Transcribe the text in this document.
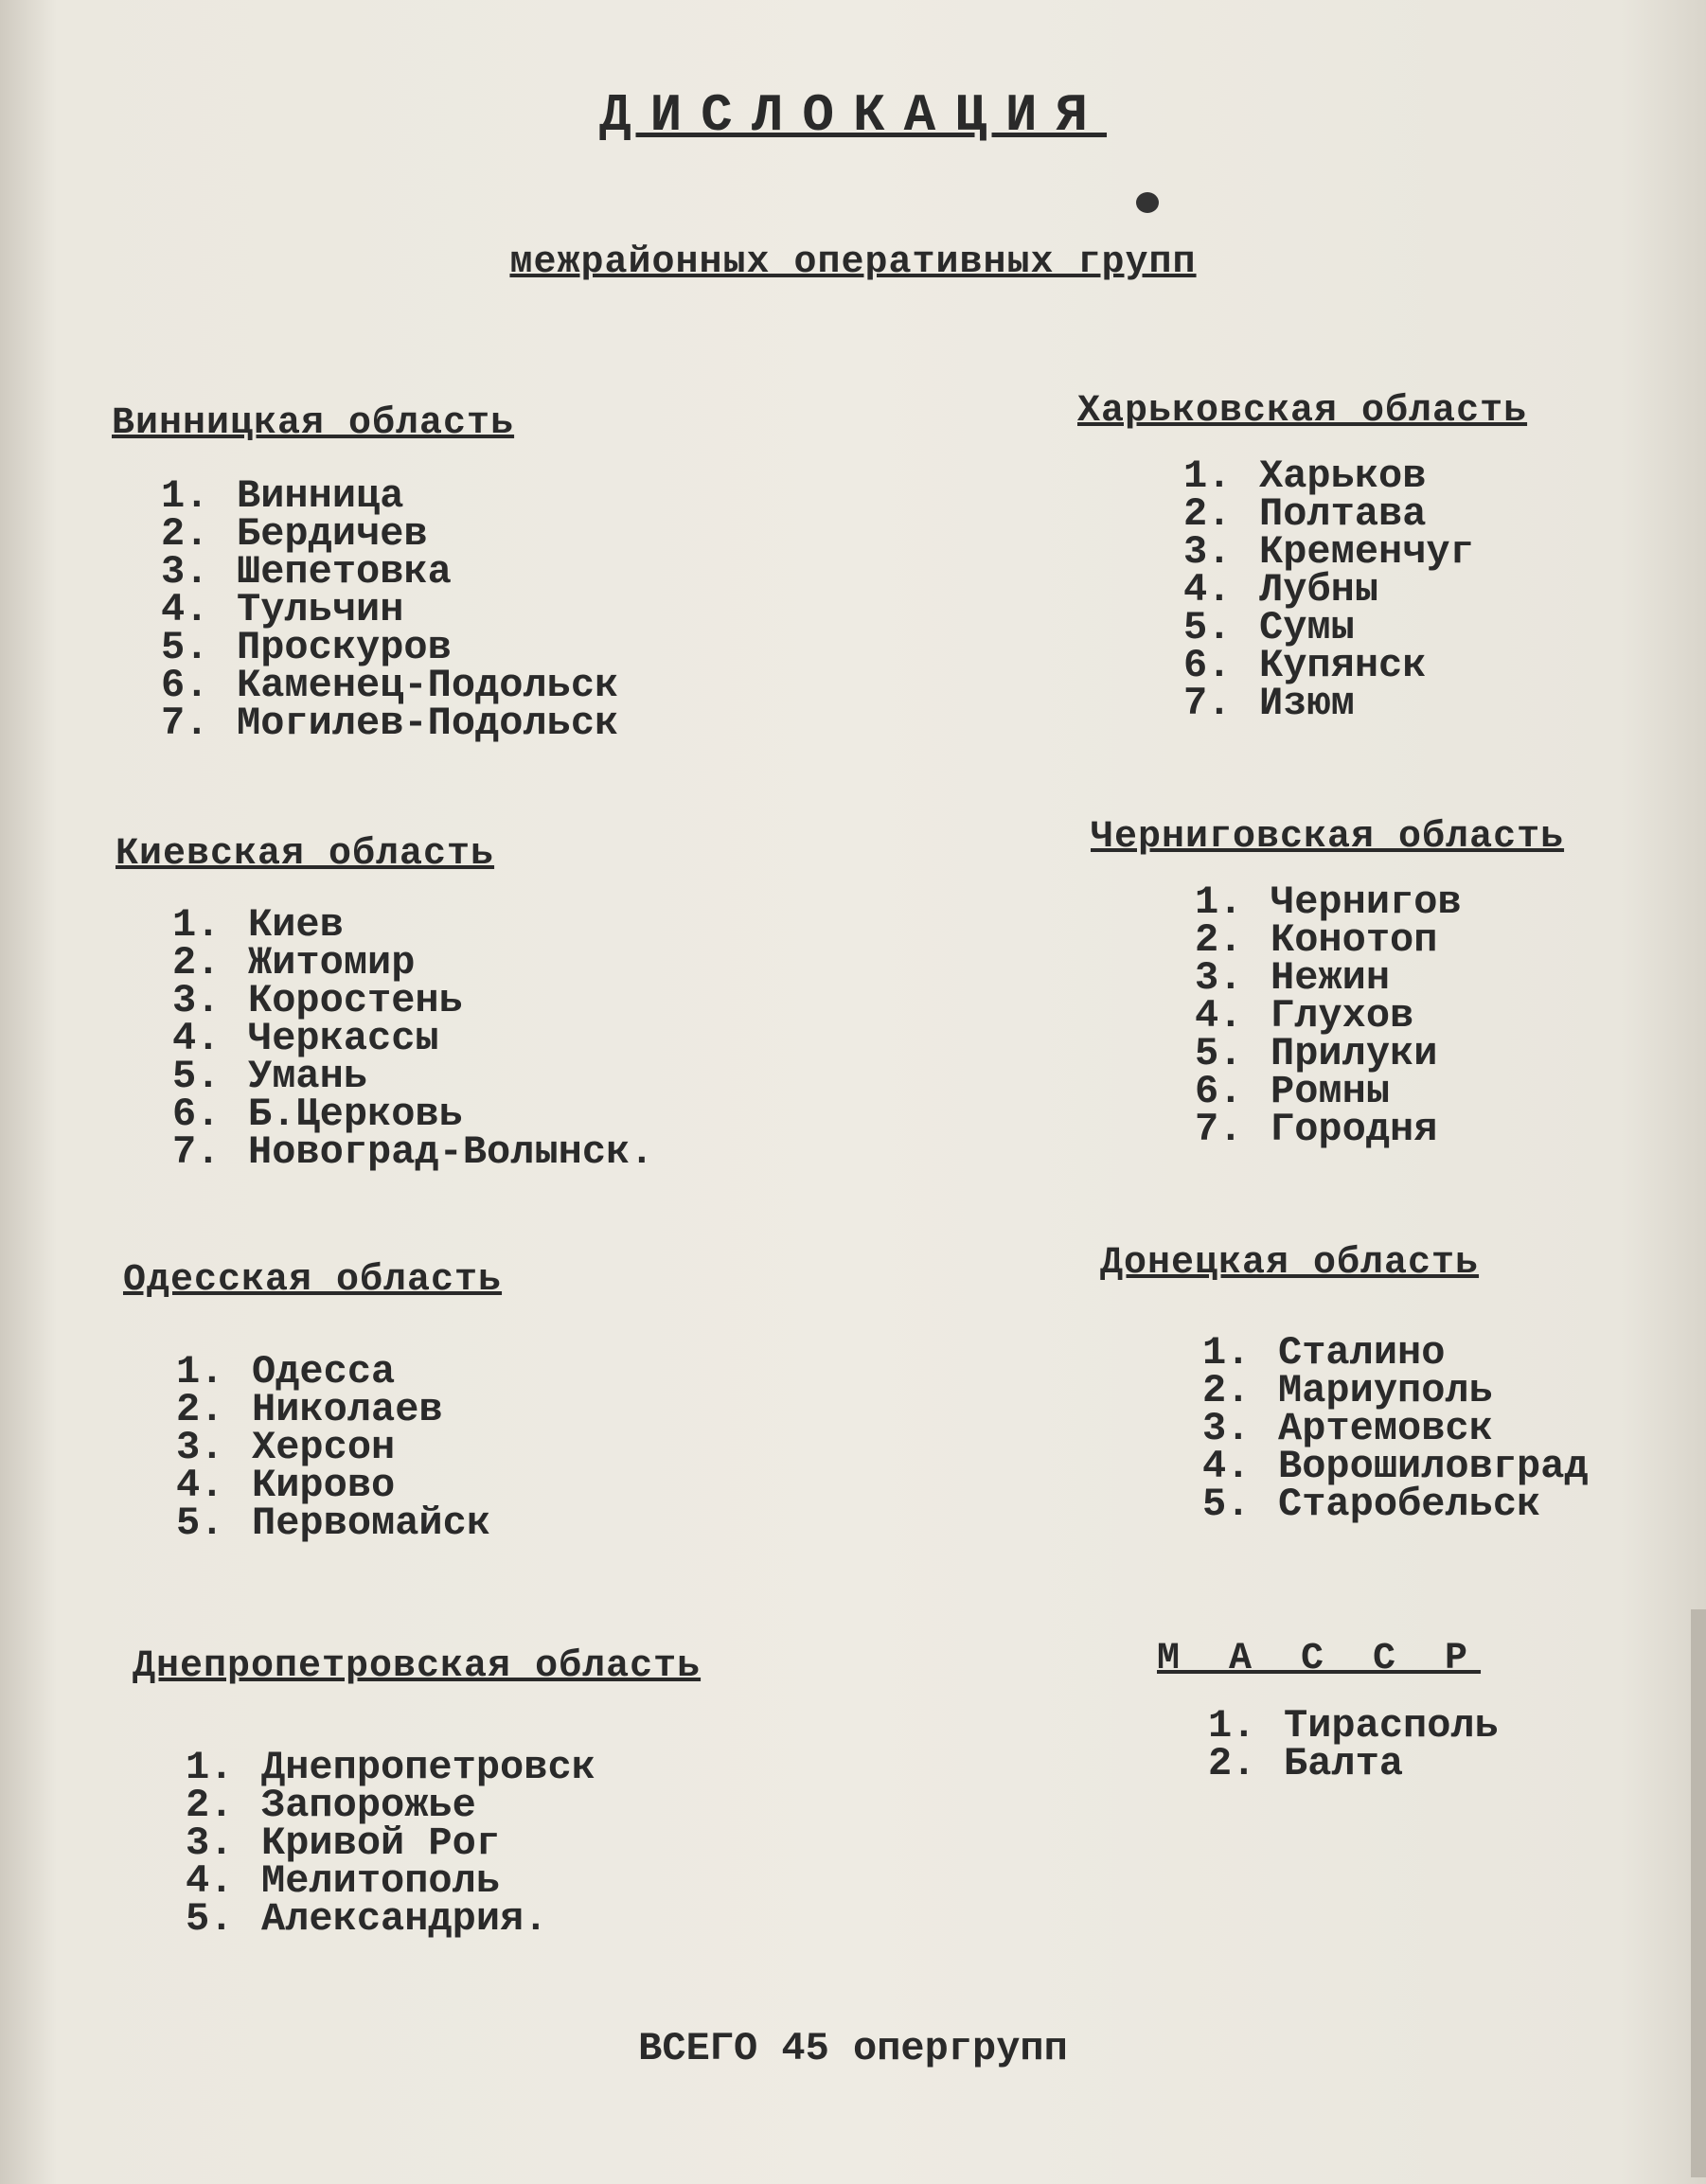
ДИСЛОКАЦИЯ
межрайонных оперативных групп
Винницкая область
1. Винница
2. Бердичев
3. Шепетовка
4. Тульчин
5. Проскуров
6. Каменец-Подольск
7. Могилев-Подольск
Киевская область
1. Киев
2. Житомир
3. Коростень
4. Черкассы
5. Умань
6. Б.Церковь
7. Новоград-Волынск.
Одесская область
1. Одесса
2. Николаев
3. Херсон
4. Кирово
5. Первомайск
Днепропетровская область
1. Днепропетровск
2. Запорожье
3. Кривой Рог
4. Мелитополь
5. Александрия.
Харьковская область
1. Харьков
2. Полтава
3. Кременчуг
4. Лубны
5. Сумы
6. Купянск
7. Изюм
Черниговская область
1. Чернигов
2. Конотоп
3. Нежин
4. Глухов
5. Прилуки
6. Ромны
7. Городня
Донецкая область
1. Сталино
2. Мариуполь
3. Артемовск
4. Ворошиловград
5. Старобельск
М А С С Р
1. Тирасполь
2. Балта
ВСЕГО 45 опергрупп
